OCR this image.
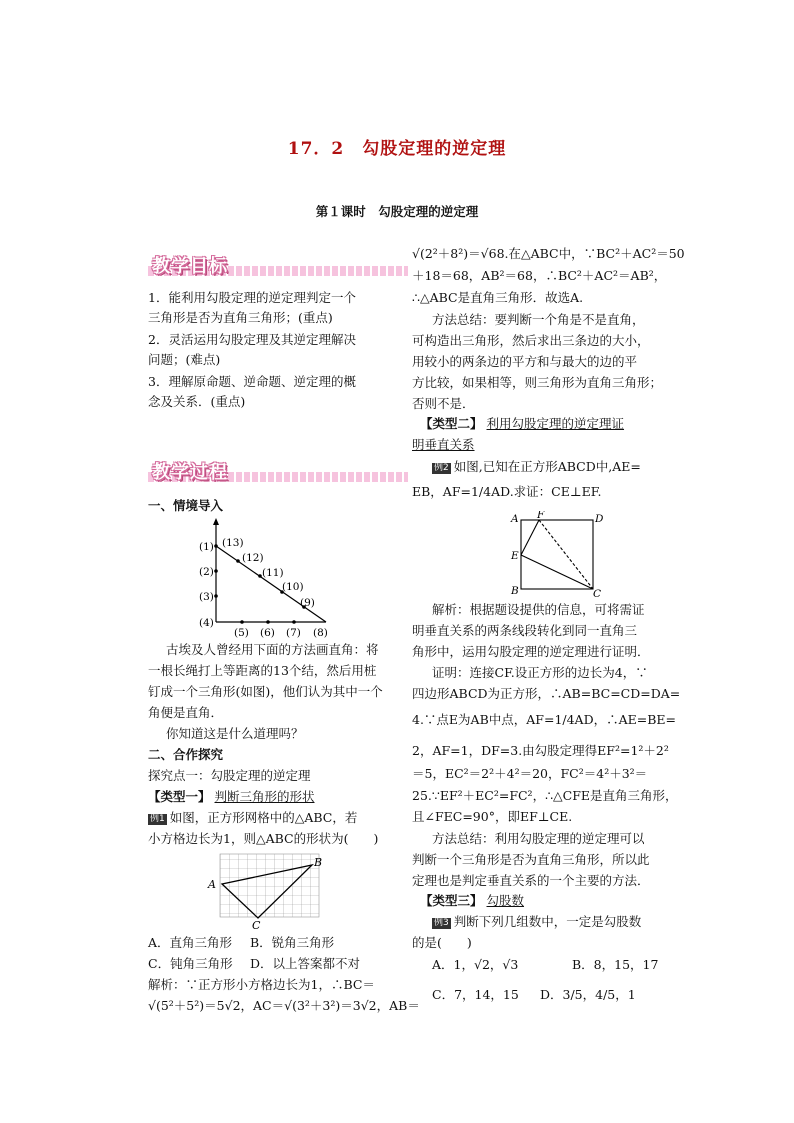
17．2　勾股定理的逆定理
第１课时　勾股定理的逆定理
教学目标
1．能利用勾股定理的逆定理判定一个
三角形是否为直角三角形；(重点)
2．灵活运用勾股定理及其逆定理解决
问题；(难点)
3．理解原命题、逆命题、逆定理的概
念及关系．(重点)
教学过程
一、情境导入
(1)
(2)
(3)
(4)
(5) (6) (7) (8)
(13)
(12)
(11)
(10)
(9)
古埃及人曾经用下面的方法画直角：将
一根长绳打上等距离的13个结，然后用桩
钉成一个三角形(如图)，他们认为其中一个
角便是直角．
你知道这是什么道理吗？
二、合作探究
探究点一：勾股定理的逆定理
【类型一】 判断三角形的形状
例1 如图，正方形网格中的△ABC，若
小方格边长为1，则△ABC的形状为(　　)
A
B
C
A．直角三角形 B．锐角三角形
C．钝角三角形 D．以上答案都不对
解析：∵正方形小方格边长为1，∴BC＝
√(5²＋5²)＝5√2，AC＝√(3²＋3²)＝3√2，AB＝
√(2²＋8²)＝√68.在△ABC中，∵BC²＋AC²＝50
＋18＝68，AB²＝68，∴BC²＋AC²＝AB²，
∴△ABC是直角三角形．故选A.
方法总结：要判断一个角是不是直角，
可构造出三角形，然后求出三条边的大小，
用较小的两条边的平方和与最大的边的平
方比较，如果相等，则三角形为直角三角形；
否则不是．
【类型二】 利用勾股定理的逆定理证
明垂直关系
例2 如图,已知在正方形ABCD中,AE=
EB，AF=1/4AD.求证：CE⊥EF.
A F	D
E
B	C
解析：根据题设提供的信息，可将需证
明垂直关系的两条线段转化到同一直角三
角形中，运用勾股定理的逆定理进行证明．
证明：连接CF.设正方形的边长为4，∵
四边形ABCD为正方形，∴AB=BC=CD=DA=
4.∵点E为AB中点，AF=1/4AD，∴AE=BE=
2，AF=1，DF=3.由勾股定理得EF²=1²＋2²
＝5，EC²＝2²＋4²＝20，FC²＝4²＋3²＝
25.∵EF²＋EC²=FC²，∴△CFE是直角三角形，
且∠FEC=90°，即EF⊥CE.
方法总结：利用勾股定理的逆定理可以
判断一个三角形是否为直角三角形，所以此
定理也是判定垂直关系的一个主要的方法．
【类型三】 勾股数
例3 判断下列几组数中，一定是勾股数
的是(　　)
A．1，√2，√3	B．8，15，17
C．7，14，15 D．3/5，4/5，1
